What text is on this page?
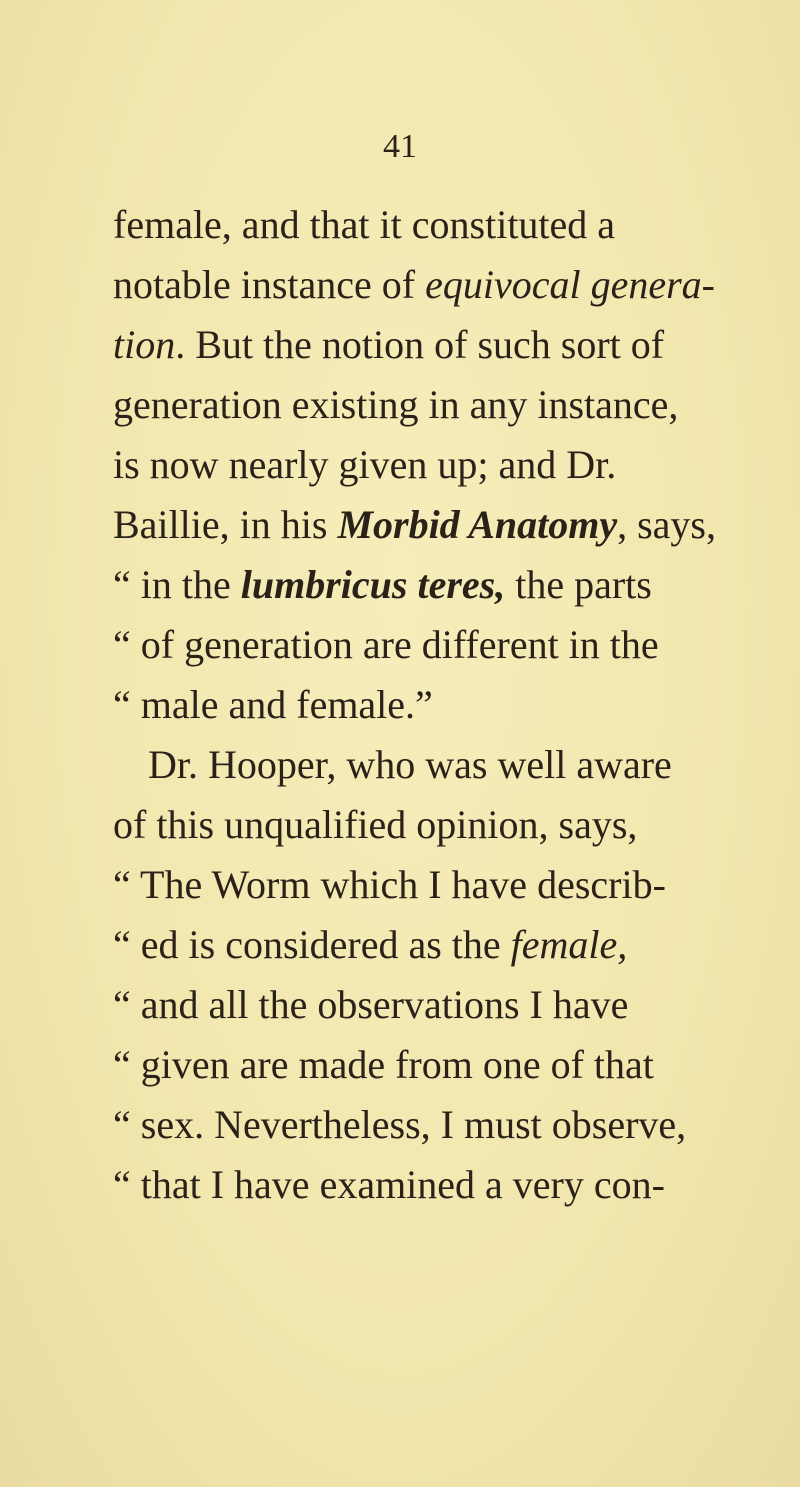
41
female, and that it constituted a
notable instance of equivocal genera-
tion. But the notion of such sort of
generation existing in any instance,
is now nearly given up; and Dr.
Baillie, in his Morbid Anatomy, says,
“ in the lumbricus teres, the parts
“ of generation are different in the
“ male and female.”
Dr. Hooper, who was well aware
of this unqualified opinion, says,
“ The Worm which I have describ-
“ ed is considered as the female,
“ and all the observations I have
“ given are made from one of that
“ sex. Nevertheless, I must observe,
“ that I have examined a very con-
